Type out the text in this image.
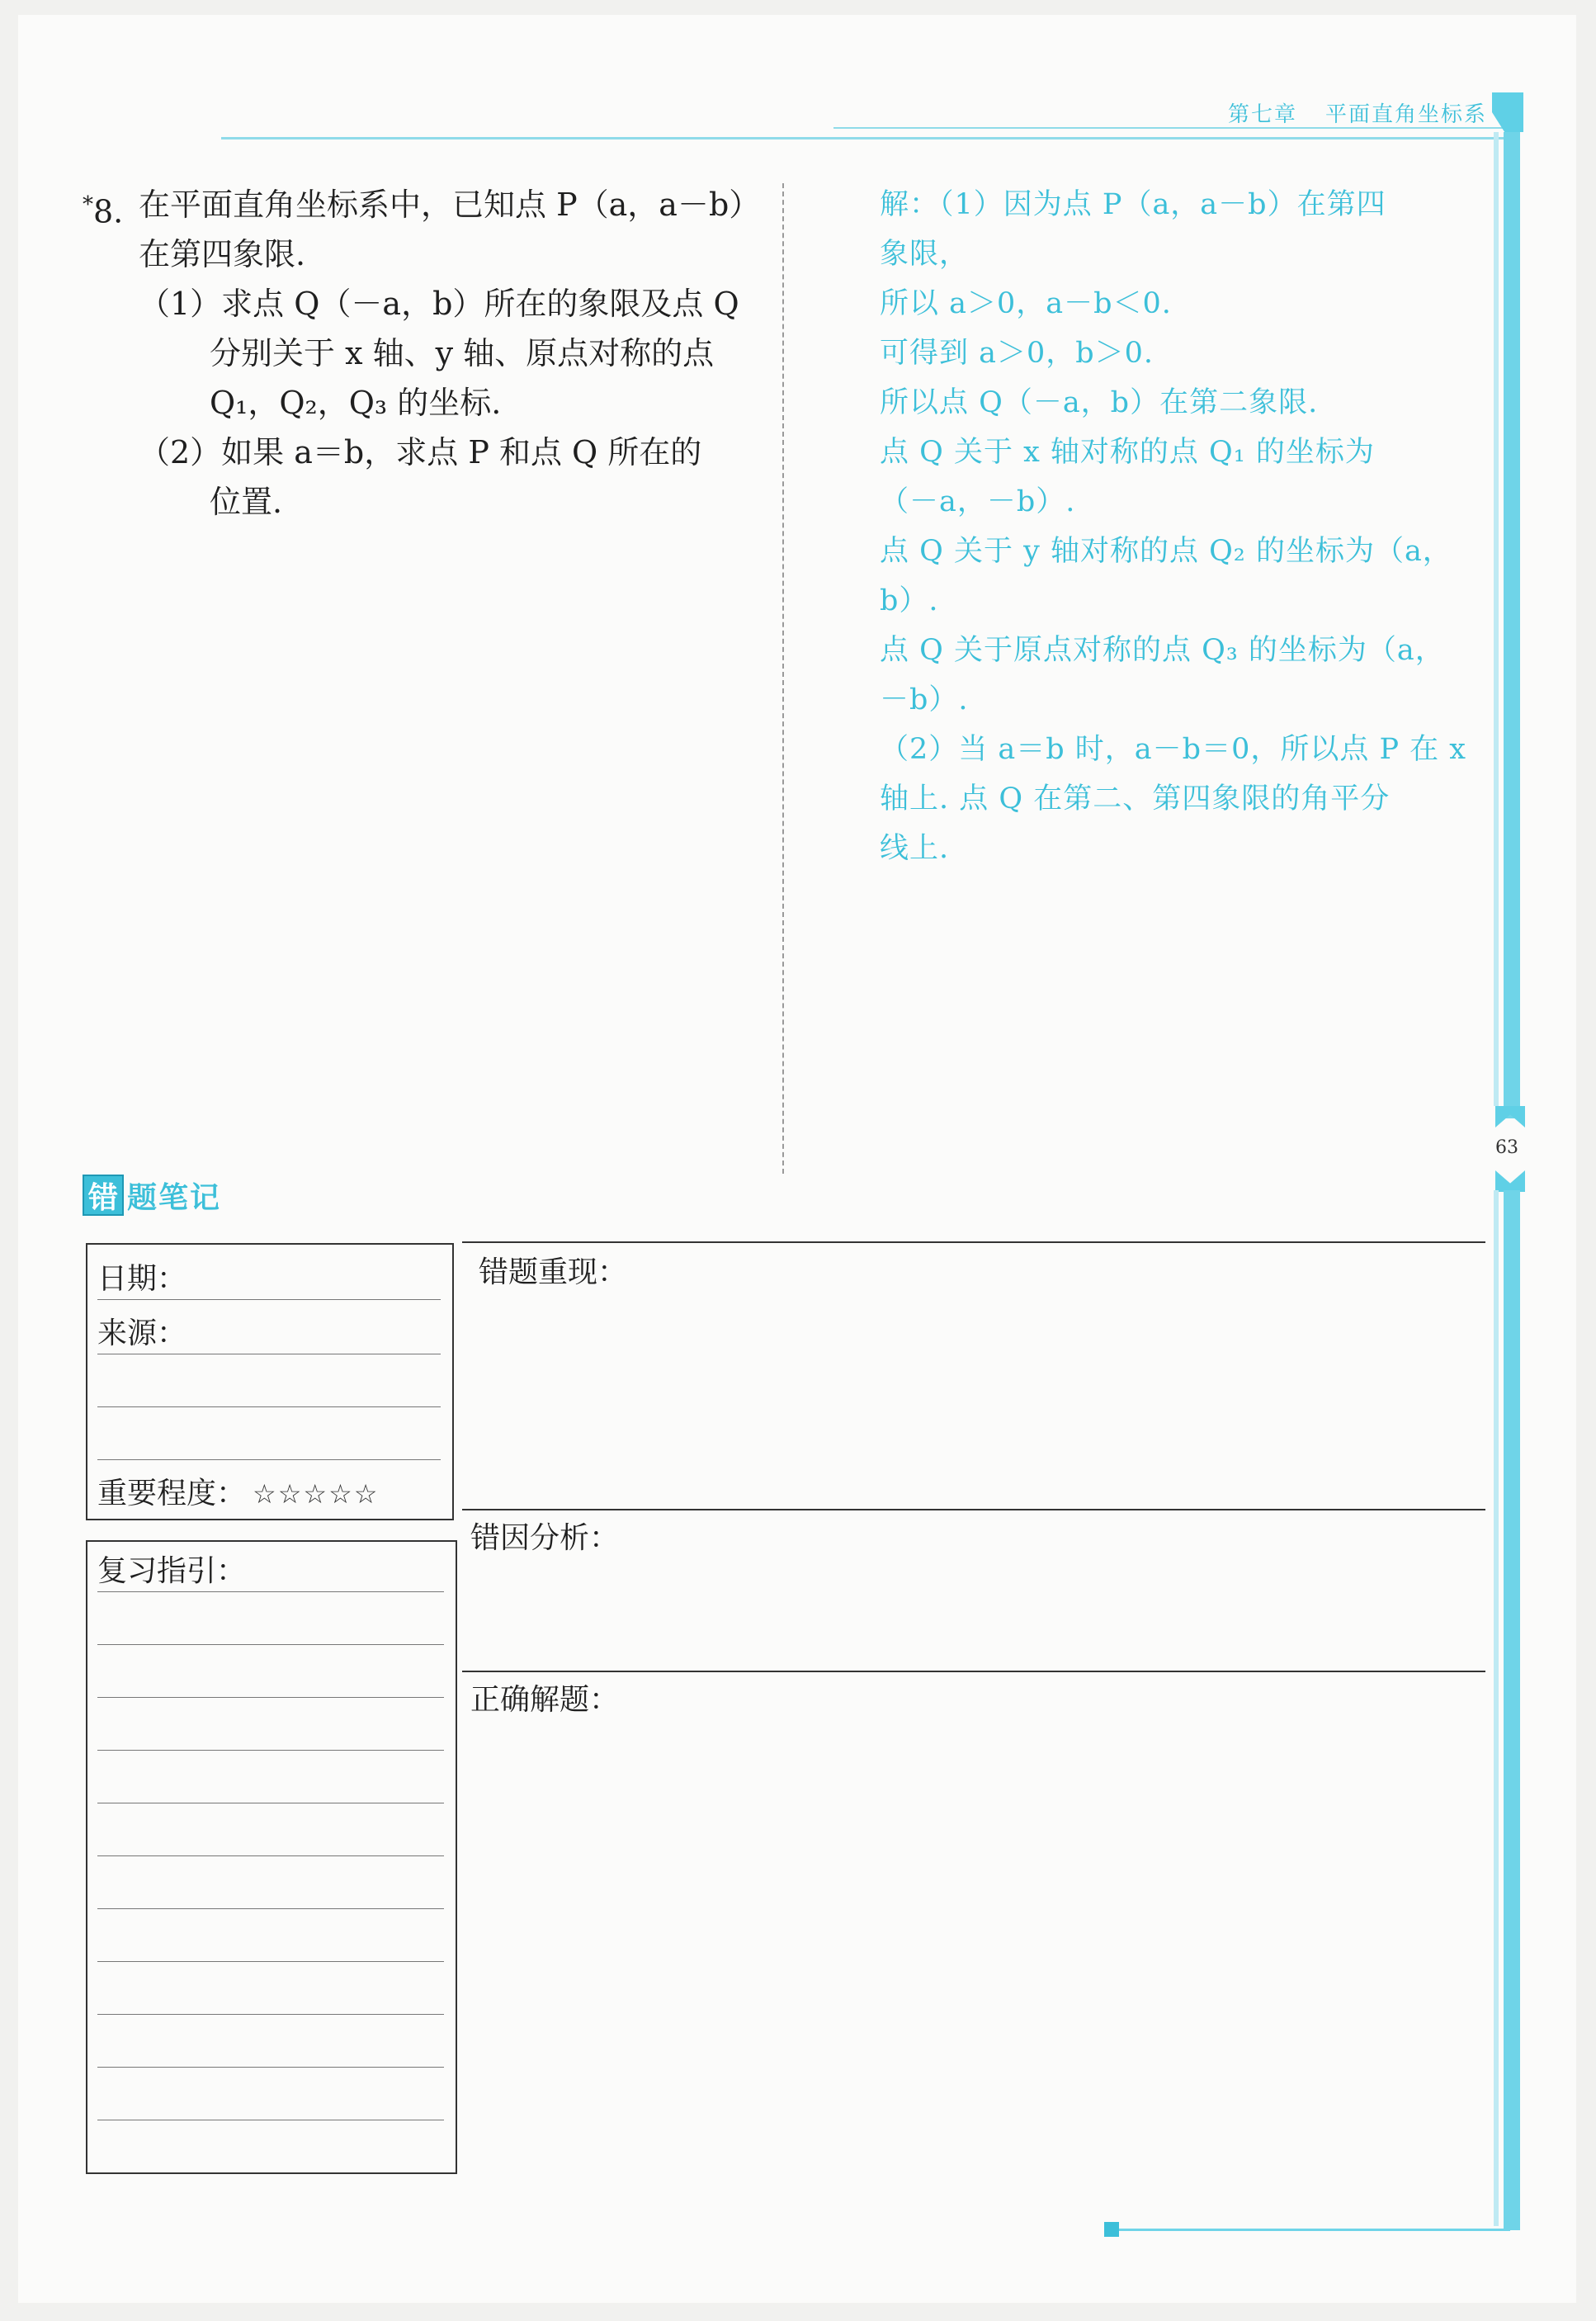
第七章 平面直角坐标系
63
*8. 在平面直角坐标系中，已知点 P（a，a－b）
在第四象限.
（1）求点 Q（－a，b）所在的象限及点 Q
分别关于 x 轴、y 轴、原点对称的点
Q₁，Q₂，Q₃ 的坐标.
（2）如果 a＝b，求点 P 和点 Q 所在的
位置.
解：（1）因为点 P（a，a－b）在第四
象限，
所以 a＞0，a－b＜0.
可得到 a＞0，b＞0.
所以点 Q（－a，b）在第二象限.
点 Q 关于 x 轴对称的点 Q₁ 的坐标为
（－a，－b）.
点 Q 关于 y 轴对称的点 Q₂ 的坐标为（a，
b）.
点 Q 关于原点对称的点 Q₃ 的坐标为（a，
－b）.
（2）当 a＝b 时，a－b＝0，所以点 P 在 x
轴上. 点 Q 在第二、第四象限的角平分
线上.
错 题笔记
日期：
来源：
重要程度： ☆☆☆☆☆
复习指引：
错题重现：
错因分析：
正确解题：
